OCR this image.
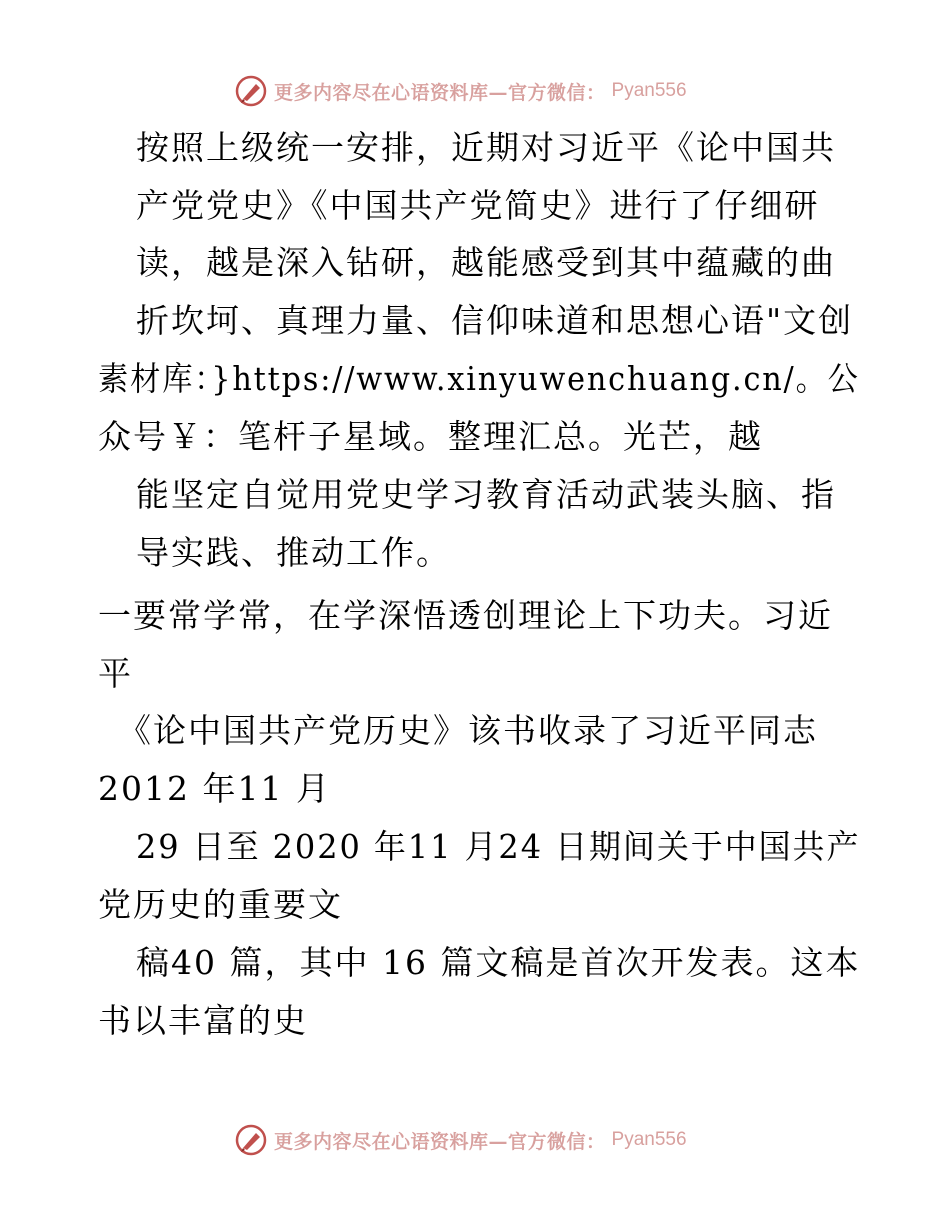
更多内容尽在心语资料库—官方微信： Pyan556
按照上级统一安排，近期对习近平《论中国共
产党党史》《中国共产党简史》进行了仔细研
读，越是深入钻研，越能感受到其中蕴藏的曲
折坎坷、真理力量、信仰味道和思想心语"文创
素材库：}https://www.xinyuwenchuang.cn/。公
众号￥：笔杆子星域。整理汇总。光芒，越
能坚定自觉用党史学习教育活动武装头脑、指
导实践、推动工作。
一要常学常，在学深悟透创理论上下功夫。习近
平
《论中国共产党历史》该书收录了习近平同志
2012 年11 月
29 日至 2020 年11 月24 日期间关于中国共产
党历史的重要文
稿40 篇，其中 16 篇文稿是首次开发表。这本
书以丰富的史
更多内容尽在心语资料库—官方微信： Pyan556
